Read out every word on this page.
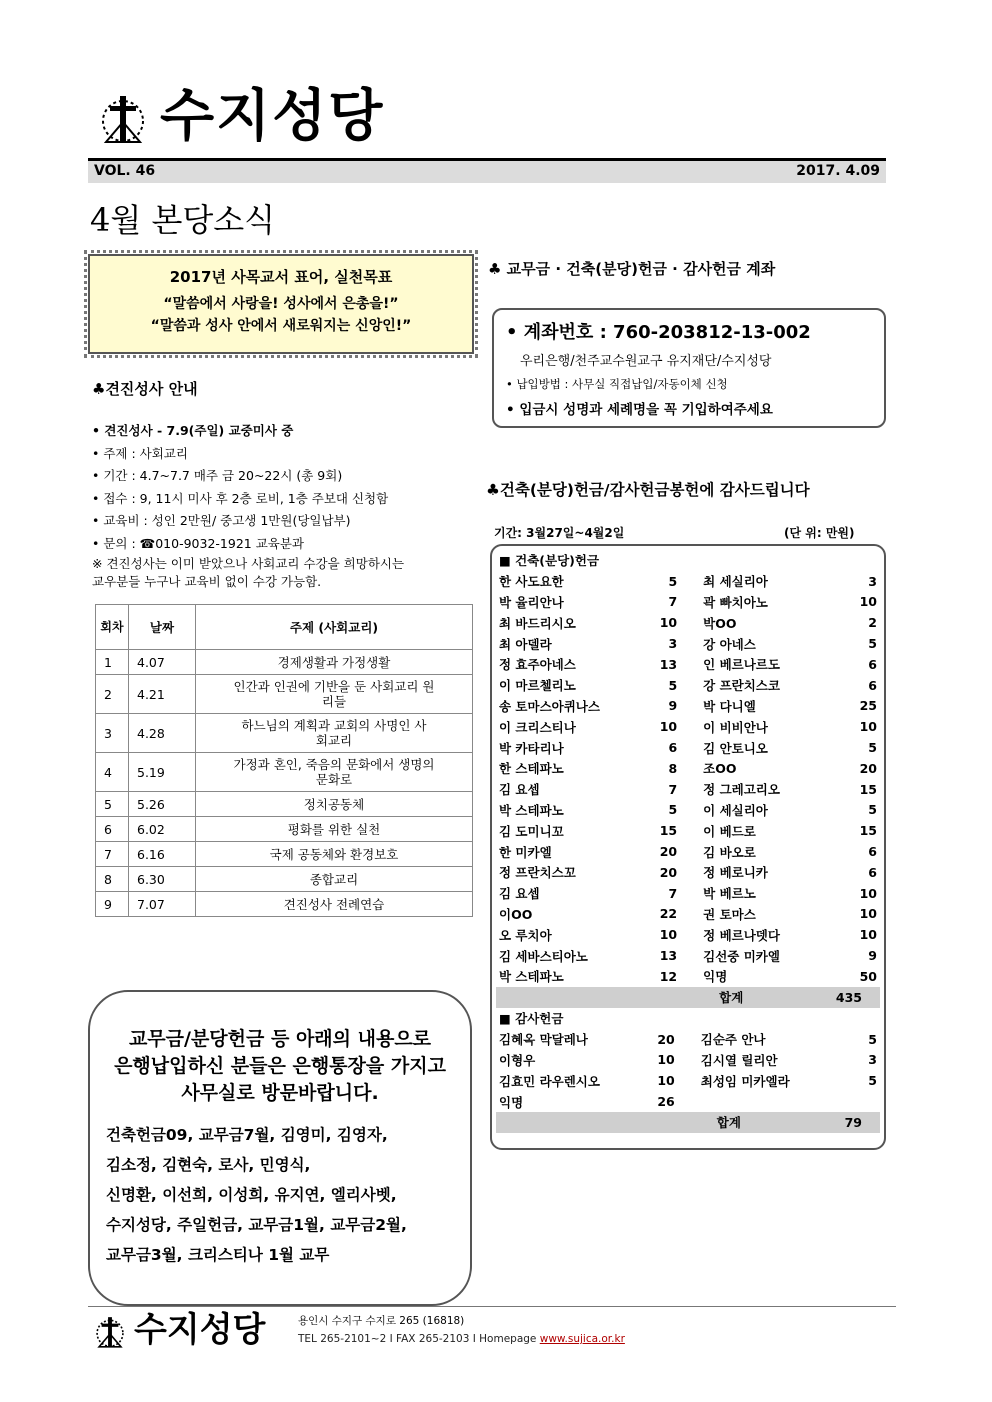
수지성당
VOL. 46	2017. 4.09
4월 본당소식
2017년 사목교서 표어, 실천목표
“말씀에서 사랑을! 성사에서 은총을!”
“말씀과 성사 안에서 새로워지는 신앙인!”
♣견진성사 안내
• 견진성사 - 7.9(주일) 교중미사 중
• 주제 : 사회교리
• 기간 : 4.7~7.7 매주 금 20~22시 (총 9회)
• 접수 : 9, 11시 미사 후 2층 로비, 1층 주보대 신청함
• 교육비 : 성인 2만원/ 중고생 1만원(당일납부)
• 문의 : ☎010-9032-1921 교육분과
※ 견진성사는 이미 받았으나 사회교리 수강을 희망하시는
교우분들 누구나 교육비 없이 수강 가능함.
회차	날짜	주제 (사회교리)
1	4.07	경제생활과 가정생활
2	4.21	인간과 인권에 기반을 둔 사회교리 원리들
3	4.28	하느님의 계획과 교회의 사명인 사회교리
4	5.19	가정과 혼인, 죽음의 문화에서 생명의 문화로
5	5.26	정치공동체
6	6.02	평화를 위한 실천
7	6.16	국제 공동체와 환경보호
8	6.30	종합교리
9	7.07	견진성사 전례연습
교무금/분당헌금 등 아래의 내용으로
은행납입하신 분들은 은행통장을 가지고
사무실로 방문바랍니다.
건축헌금09, 교무금7월, 김영미, 김영자,
김소정, 김현숙, 로사, 민영식,
신명환, 이선희, 이성희, 유지연, 엘리사벳,
수지성당, 주일헌금, 교무금1월, 교무금2월,
교무금3월, 크리스티나 1월 교무
♣ 교무금 · 건축(분당)헌금 · 감사헌금 계좌
• 계좌번호 : 760-203812-13-002
우리은행/천주교수원교구 유지재단/수지성당
• 납입방법 : 사무실 직접납입/자동이체 신청
• 입금시 성명과 세례명을 꼭 기입하여주세요
♣건축(분당)헌금/감사헌금봉헌에 감사드립니다
기간: 3월27일~4월2일	(단 위: 만원)
■ 건축(분당)헌금			
한 사도요한	5	최 세실리아	3
박 율리안나	7	곽 빠치아노	10
최 바드리시오	10	박OO	2
최 아델라	3	강 아네스	5
정 효주아네스	13	인 베르나르도	6
이 마르첼리노	5	강 프란치스코	6
송 토마스아퀴나스	9	박 다니엘	25
이 크리스티나	10	이 비비안나	10
박 카타리나	6	김 안토니오	5
한 스테파노	8	조OO	20
김 요셉	7	정 그레고리오	15
박 스테파노	5	이 세실리아	5
김 도미니꼬	15	이 베드로	15
한 미카엘	20	김 바오로	6
정 프란치스꼬	20	정 베로니카	6
김 요셉	7	박 베르노	10
이OO	22	권 토마스	10
오 루치아	10	정 베르나뎃다	10
김 세바스티아노	13	김선중 미카엘	9
박 스테파노	12	익명	50
		합계	435
■ 감사헌금			
김혜옥 막달레나	20	김순주 안나	5
이형우	10	김시열 릴리안	3
김효민 라우렌시오	10	최성임 미카엘라	5
익명	26		
		합계	79
수지성당	용인시 수지구 수지로 265 (16818)
TEL 265-2101~2 I FAX 265-2103 I Homepage www.sujica.or.kr
